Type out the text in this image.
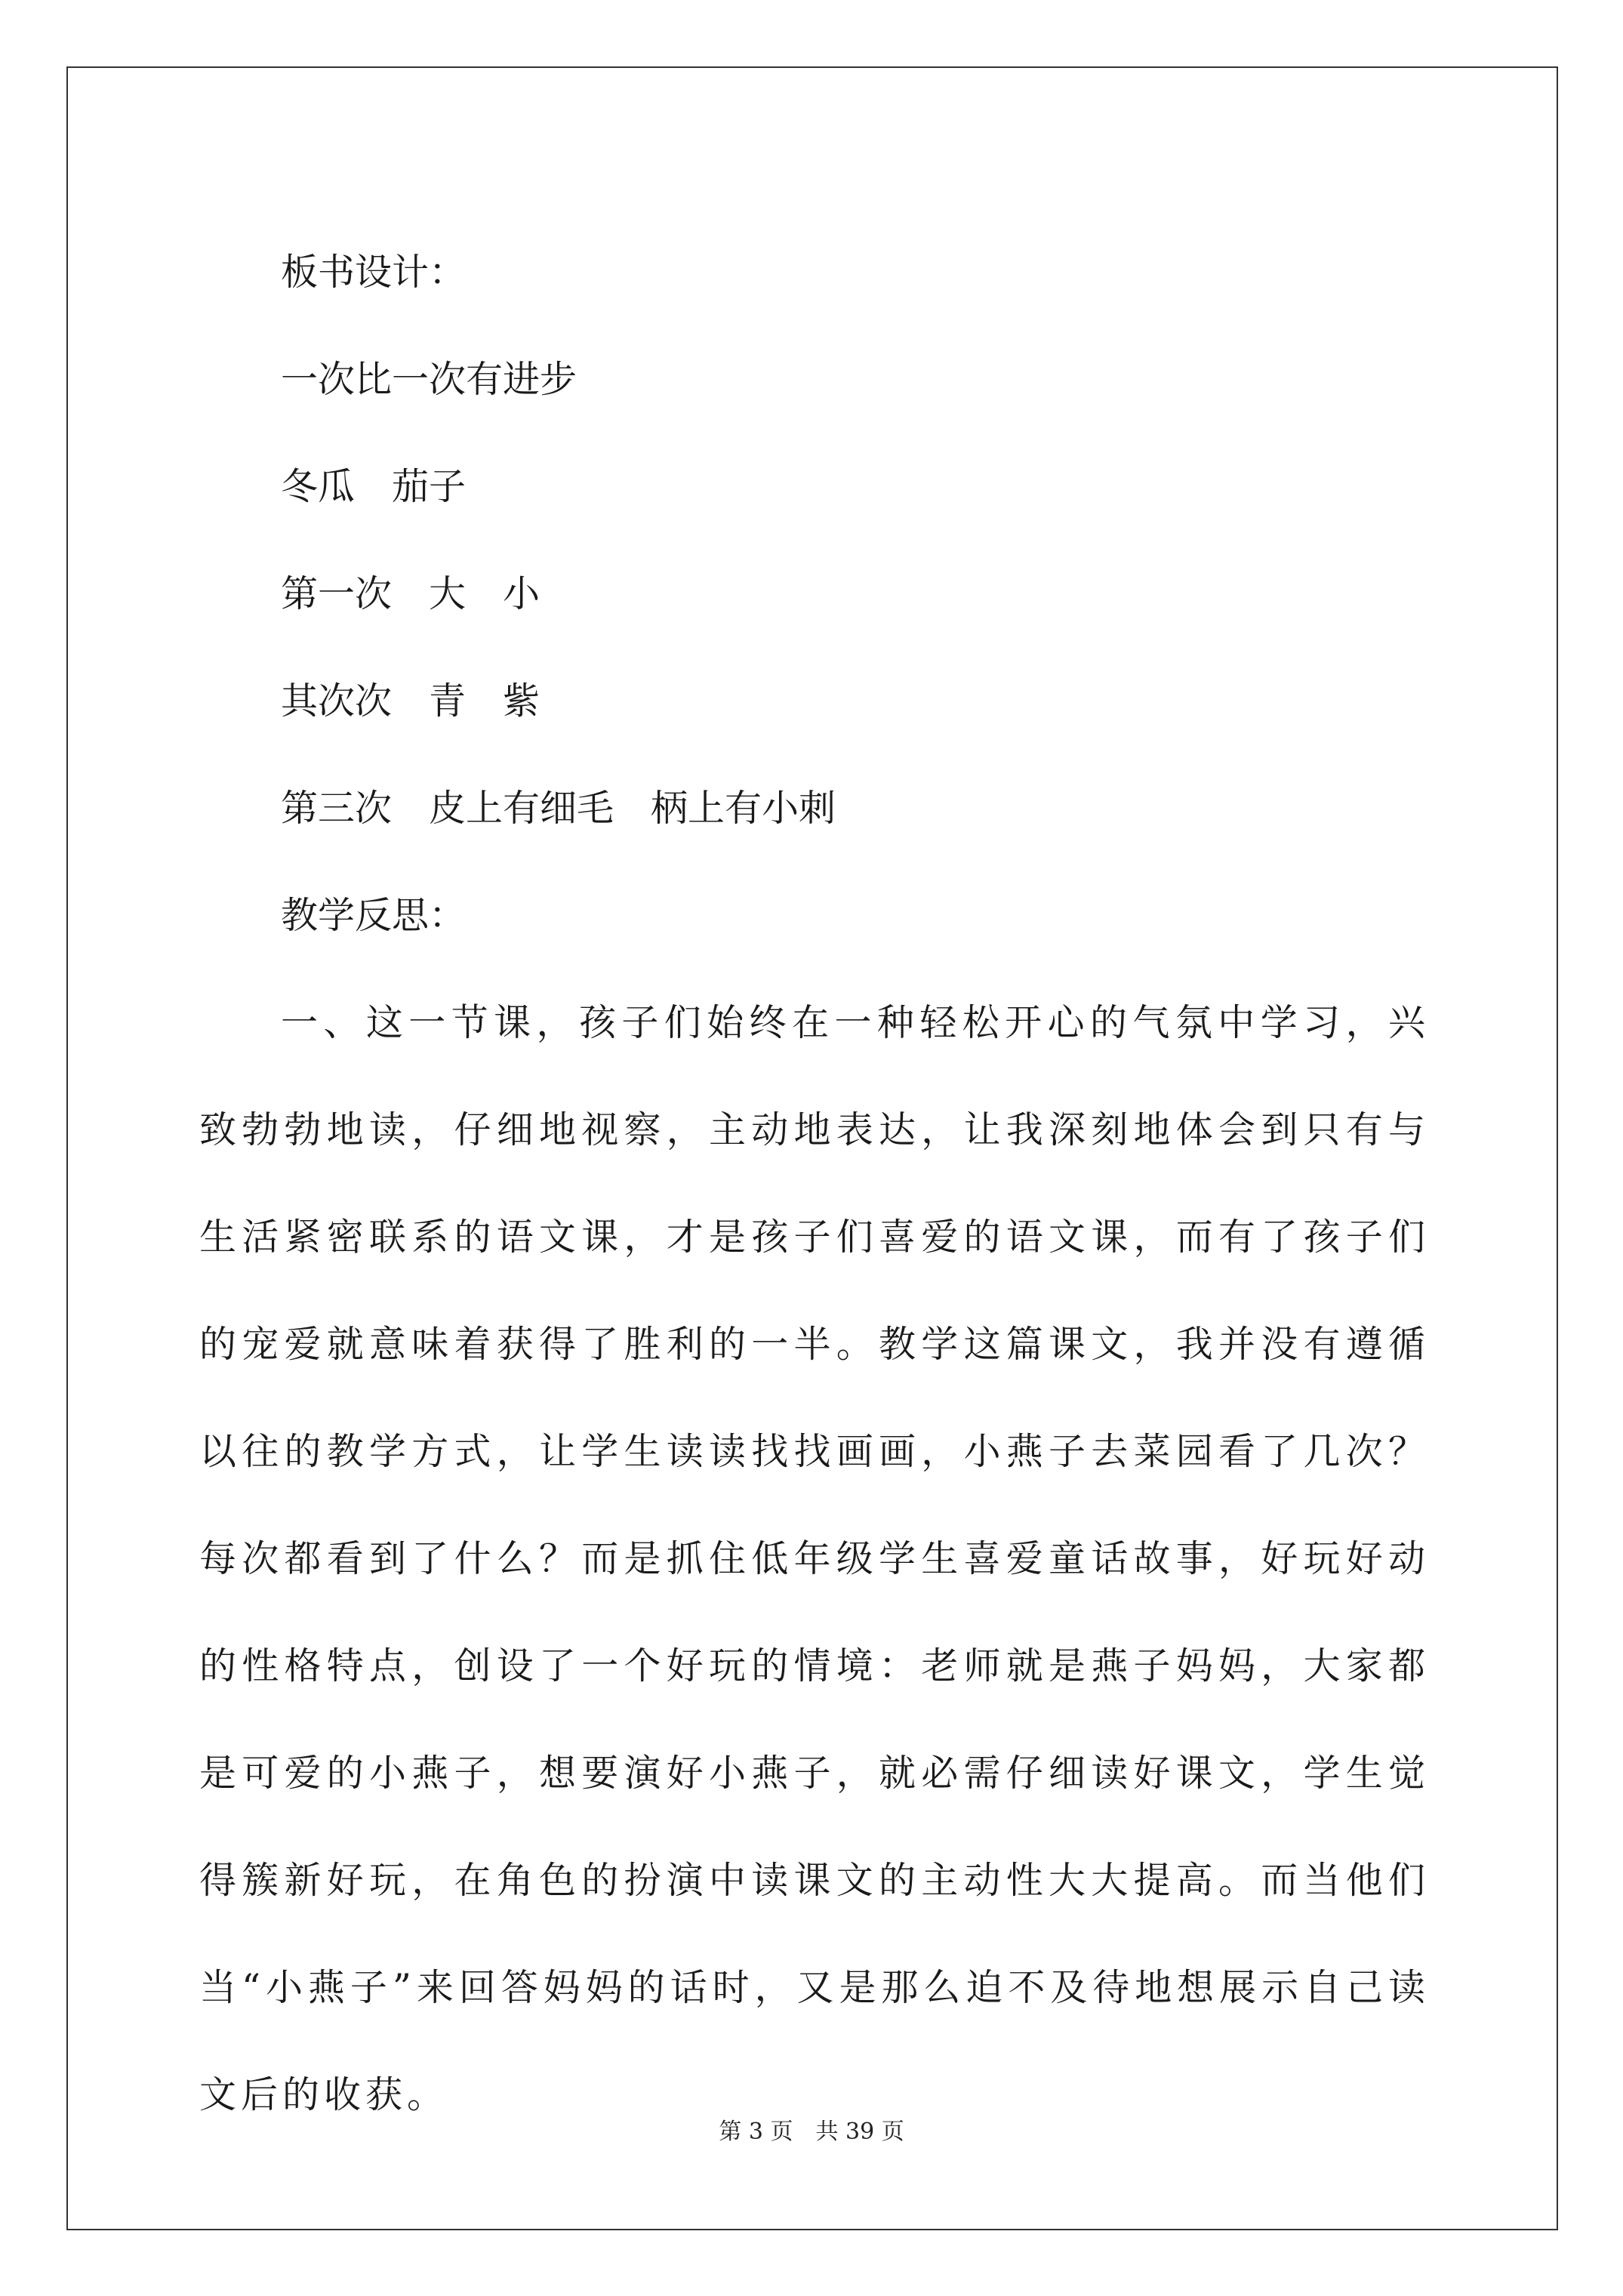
板书设计：

一次比一次有进步

冬瓜　茄子

第一次　大　小

其次次　青　紫

第三次　皮上有细毛　柄上有小刺

教学反思：

一、这一节课，孩子们始终在一种轻松开心的气氛中学习，兴致勃勃地读，仔细地视察，主动地表达，让我深刻地体会到只有与生活紧密联系的语文课，才是孩子们喜爱的语文课，而有了孩子们的宠爱就意味着获得了胜利的一半。教学这篇课文，我并没有遵循以往的教学方式，让学生读读找找画画，小燕子去菜园看了几次？每次都看到了什么？而是抓住低年级学生喜爱童话故事，好玩好动的性格特点，创设了一个好玩的情境：老师就是燕子妈妈，大家都是可爱的小燕子，想要演好小燕子，就必需仔细读好课文，学生觉得簇新好玩，在角色的扮演中读课文的主动性大大提高。而当他们当“小燕子”来回答妈妈的话时，又是那么迫不及待地想展示自己读文后的收获。

第 3 页　共 39 页
